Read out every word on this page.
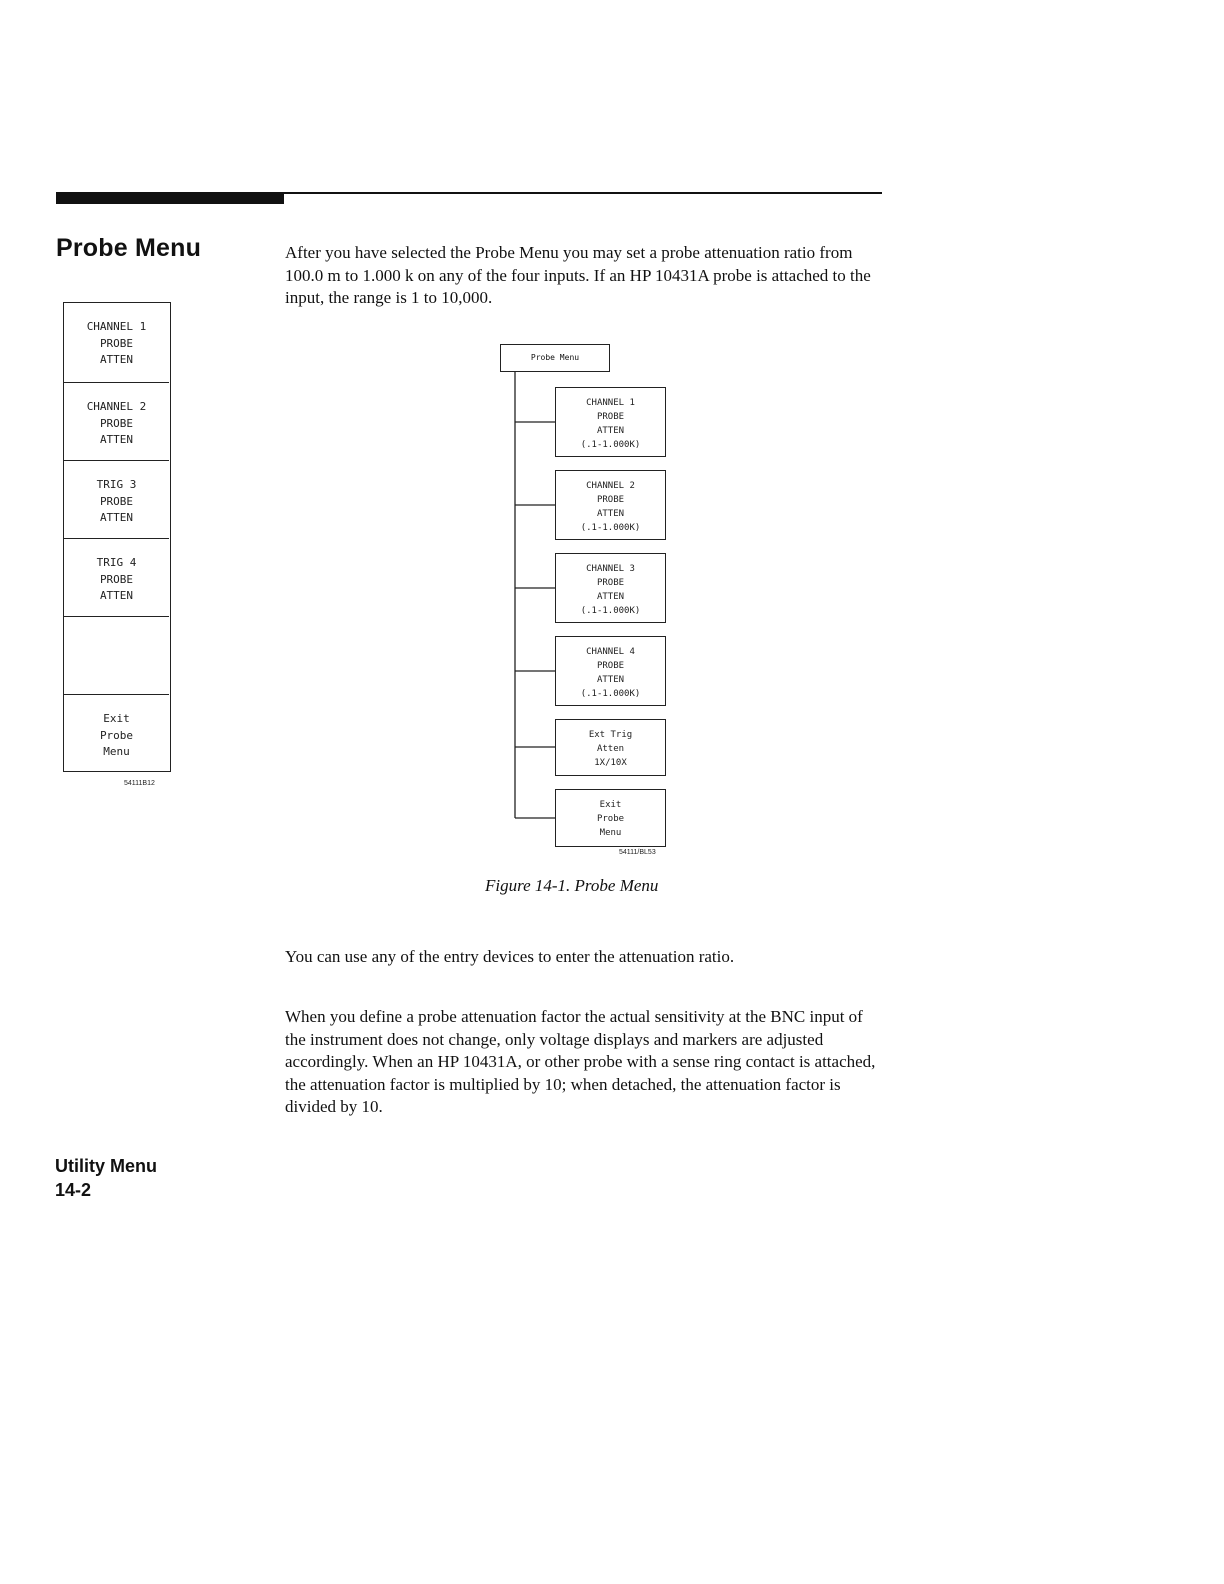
Probe Menu	After you have selected the Probe Menu you may set a probe attenuation ratio from 100.0 m to 1.000 k on any of the four inputs. If an HP 10431A probe is attached to the input, the range is 1 to 10,000.

CHANNEL 1
PROBE
ATTEN
CHANNEL 2
PROBE
ATTEN
TRIG 3
PROBE
ATTEN
TRIG 4
PROBE
ATTEN
Exit
Probe
Menu
54111B12
Probe Menu
CHANNEL 1
PROBE
ATTEN
(.1-1.000K)
CHANNEL 2
PROBE
ATTEN
(.1-1.000K)
CHANNEL 3
PROBE
ATTEN
(.1-1.000K)
CHANNEL 4
PROBE
ATTEN
(.1-1.000K)
Ext Trig
Atten
1X/10X
Exit
Probe
Menu
54111/BL53

Figure 14-1. Probe Menu

You can use any of the entry devices to enter the attenuation ratio.

When you define a probe attenuation factor the actual sensitivity at the BNC input of the instrument does not change, only voltage displays and markers are adjusted accordingly. When an HP 10431A, or other probe with a sense ring contact is attached, the attenuation factor is multiplied by 10; when detached, the attenuation factor is divided by 10.

Utility Menu
14-2
